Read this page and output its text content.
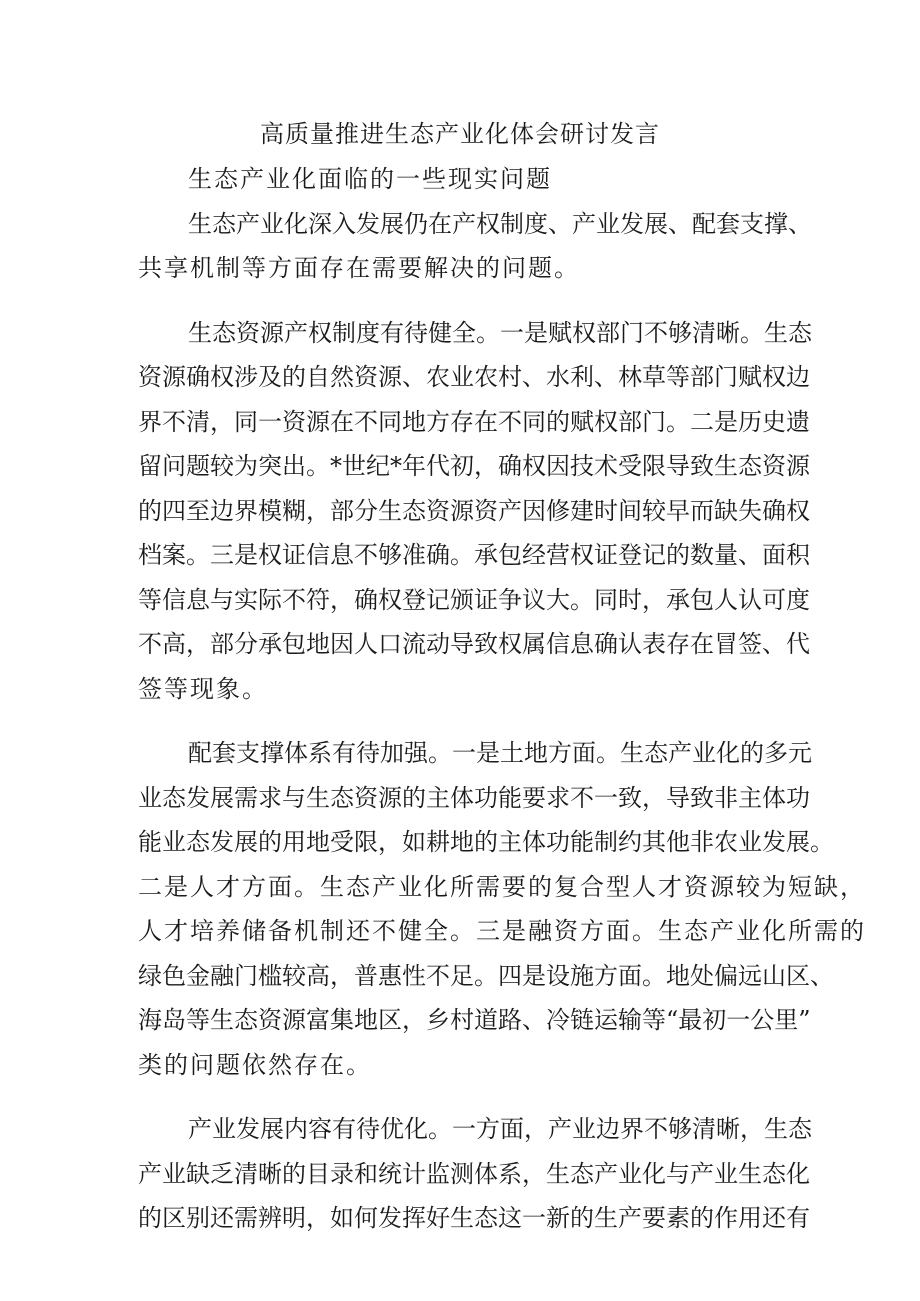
高质量推进生态产业化体会研讨发言
生态产业化面临的一些现实问题
生态产业化深入发展仍在产权制度、产业发展、配套支撑、
共享机制等方面存在需要解决的问题。
生态资源产权制度有待健全。一是赋权部门不够清晰。生态
资源确权涉及的自然资源、农业农村、水利、林草等部门赋权边
界不清，同一资源在不同地方存在不同的赋权部门。二是历史遗
留问题较为突出。*世纪*年代初，确权因技术受限导致生态资源
的四至边界模糊，部分生态资源资产因修建时间较早而缺失确权
档案。三是权证信息不够准确。承包经营权证登记的数量、面积
等信息与实际不符，确权登记颁证争议大。同时，承包人认可度
不高，部分承包地因人口流动导致权属信息确认表存在冒签、代
签等现象。
配套支撑体系有待加强。一是土地方面。生态产业化的多元
业态发展需求与生态资源的主体功能要求不一致，导致非主体功
能业态发展的用地受限，如耕地的主体功能制约其他非农业发展。
二是人才方面。生态产业化所需要的复合型人才资源较为短缺，
人才培养储备机制还不健全。三是融资方面。生态产业化所需的
绿色金融门槛较高，普惠性不足。四是设施方面。地处偏远山区、
海岛等生态资源富集地区，乡村道路、冷链运输等“最初一公里”
类的问题依然存在。
产业发展内容有待优化。一方面，产业边界不够清晰，生态
产业缺乏清晰的目录和统计监测体系，生态产业化与产业生态化
的区别还需辨明，如何发挥好生态这一新的生产要素的作用还有
